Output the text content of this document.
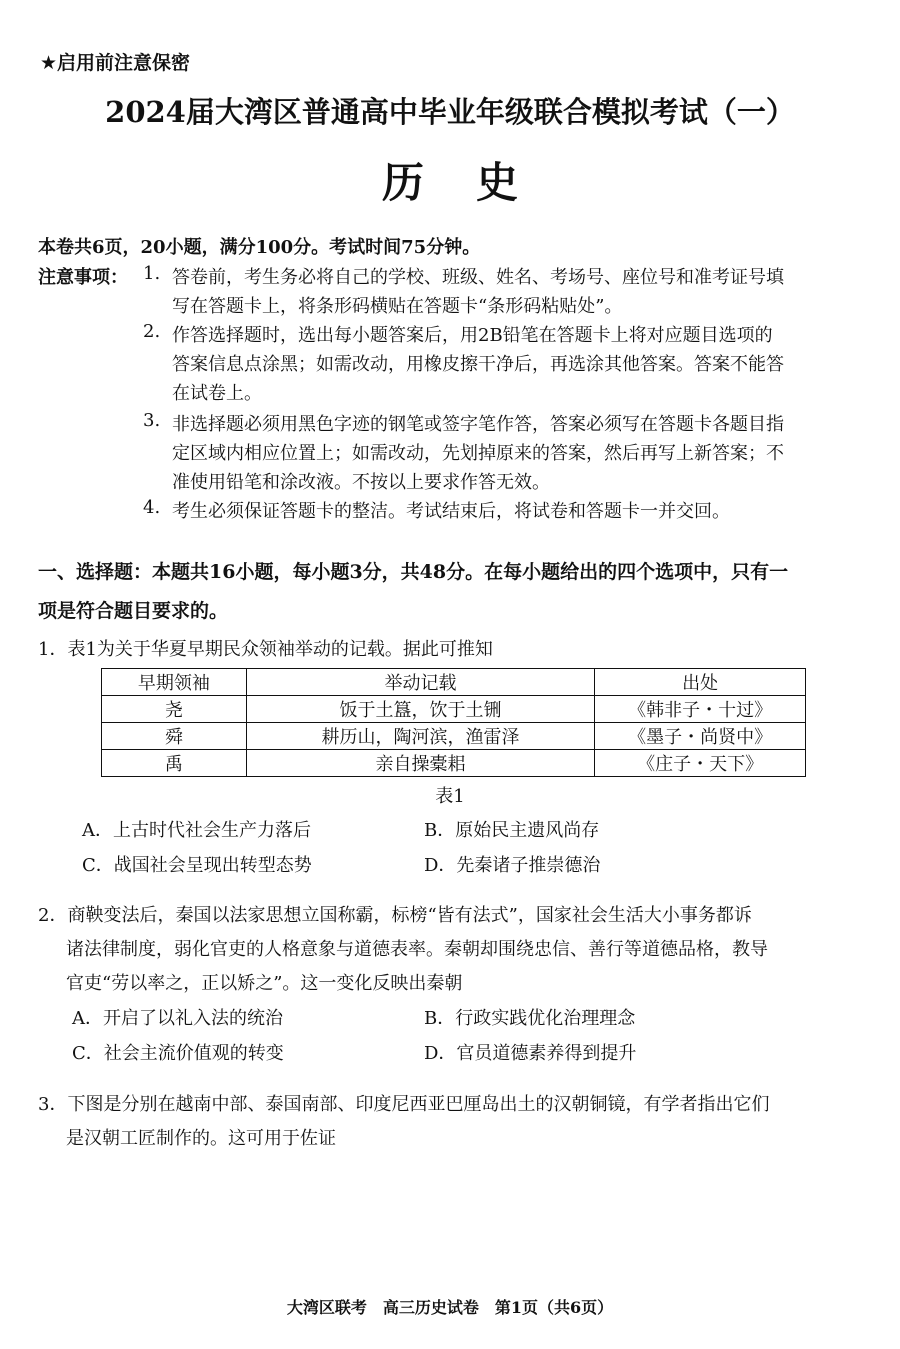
★启用前注意保密
2024届大湾区普通高中毕业年级联合模拟考试（一）
历史
本卷共6页，20小题，满分100分。考试时间75分钟。
注意事项： 1. 答卷前，考生务必将自己的学校、班级、姓名、考场号、座位号和准考证号填
写在答题卡上，将条形码横贴在答题卡“条形码粘贴处”。
2. 作答选择题时，选出每小题答案后，用2B铅笔在答题卡上将对应题目选项的
答案信息点涂黑；如需改动，用橡皮擦干净后，再选涂其他答案。答案不能答
在试卷上。
3. 非选择题必须用黑色字迹的钢笔或签字笔作答，答案必须写在答题卡各题目指
定区域内相应位置上；如需改动，先划掉原来的答案，然后再写上新答案；不
准使用铅笔和涂改液。不按以上要求作答无效。
4. 考生必须保证答题卡的整洁。考试结束后，将试卷和答题卡一并交回。
一、选择题：本题共16小题，每小题3分，共48分。在每小题给出的四个选项中，只有一
项是符合题目要求的。
1．表1为关于华夏早期民众领袖举动的记载。据此可推知
早期领袖	举动记载	出处
尧	饭于土簋，饮于土铏	《韩非子・十过》
舜	耕历山，陶河滨，渔雷泽	《墨子・尚贤中》
禹	亲自操橐耜	《庄子・天下》
表1
A．上古时代社会生产力落后	B．原始民主遗风尚存
C．战国社会呈现出转型态势	D．先秦诸子推崇德治
2．商鞅变法后，秦国以法家思想立国称霸，标榜“皆有法式”，国家社会生活大小事务都诉
诸法律制度，弱化官吏的人格意象与道德表率。秦朝却围绕忠信、善行等道德品格，教导
官吏“劳以率之，正以矫之”。这一变化反映出秦朝
A．开启了以礼入法的统治	B．行政实践优化治理理念
C．社会主流价值观的转变	D．官员道德素养得到提升
3．下图是分别在越南中部、泰国南部、印度尼西亚巴厘岛出土的汉朝铜镜，有学者指出它们
是汉朝工匠制作的。这可用于佐证
大湾区联考　高三历史试卷　第1页（共6页）
